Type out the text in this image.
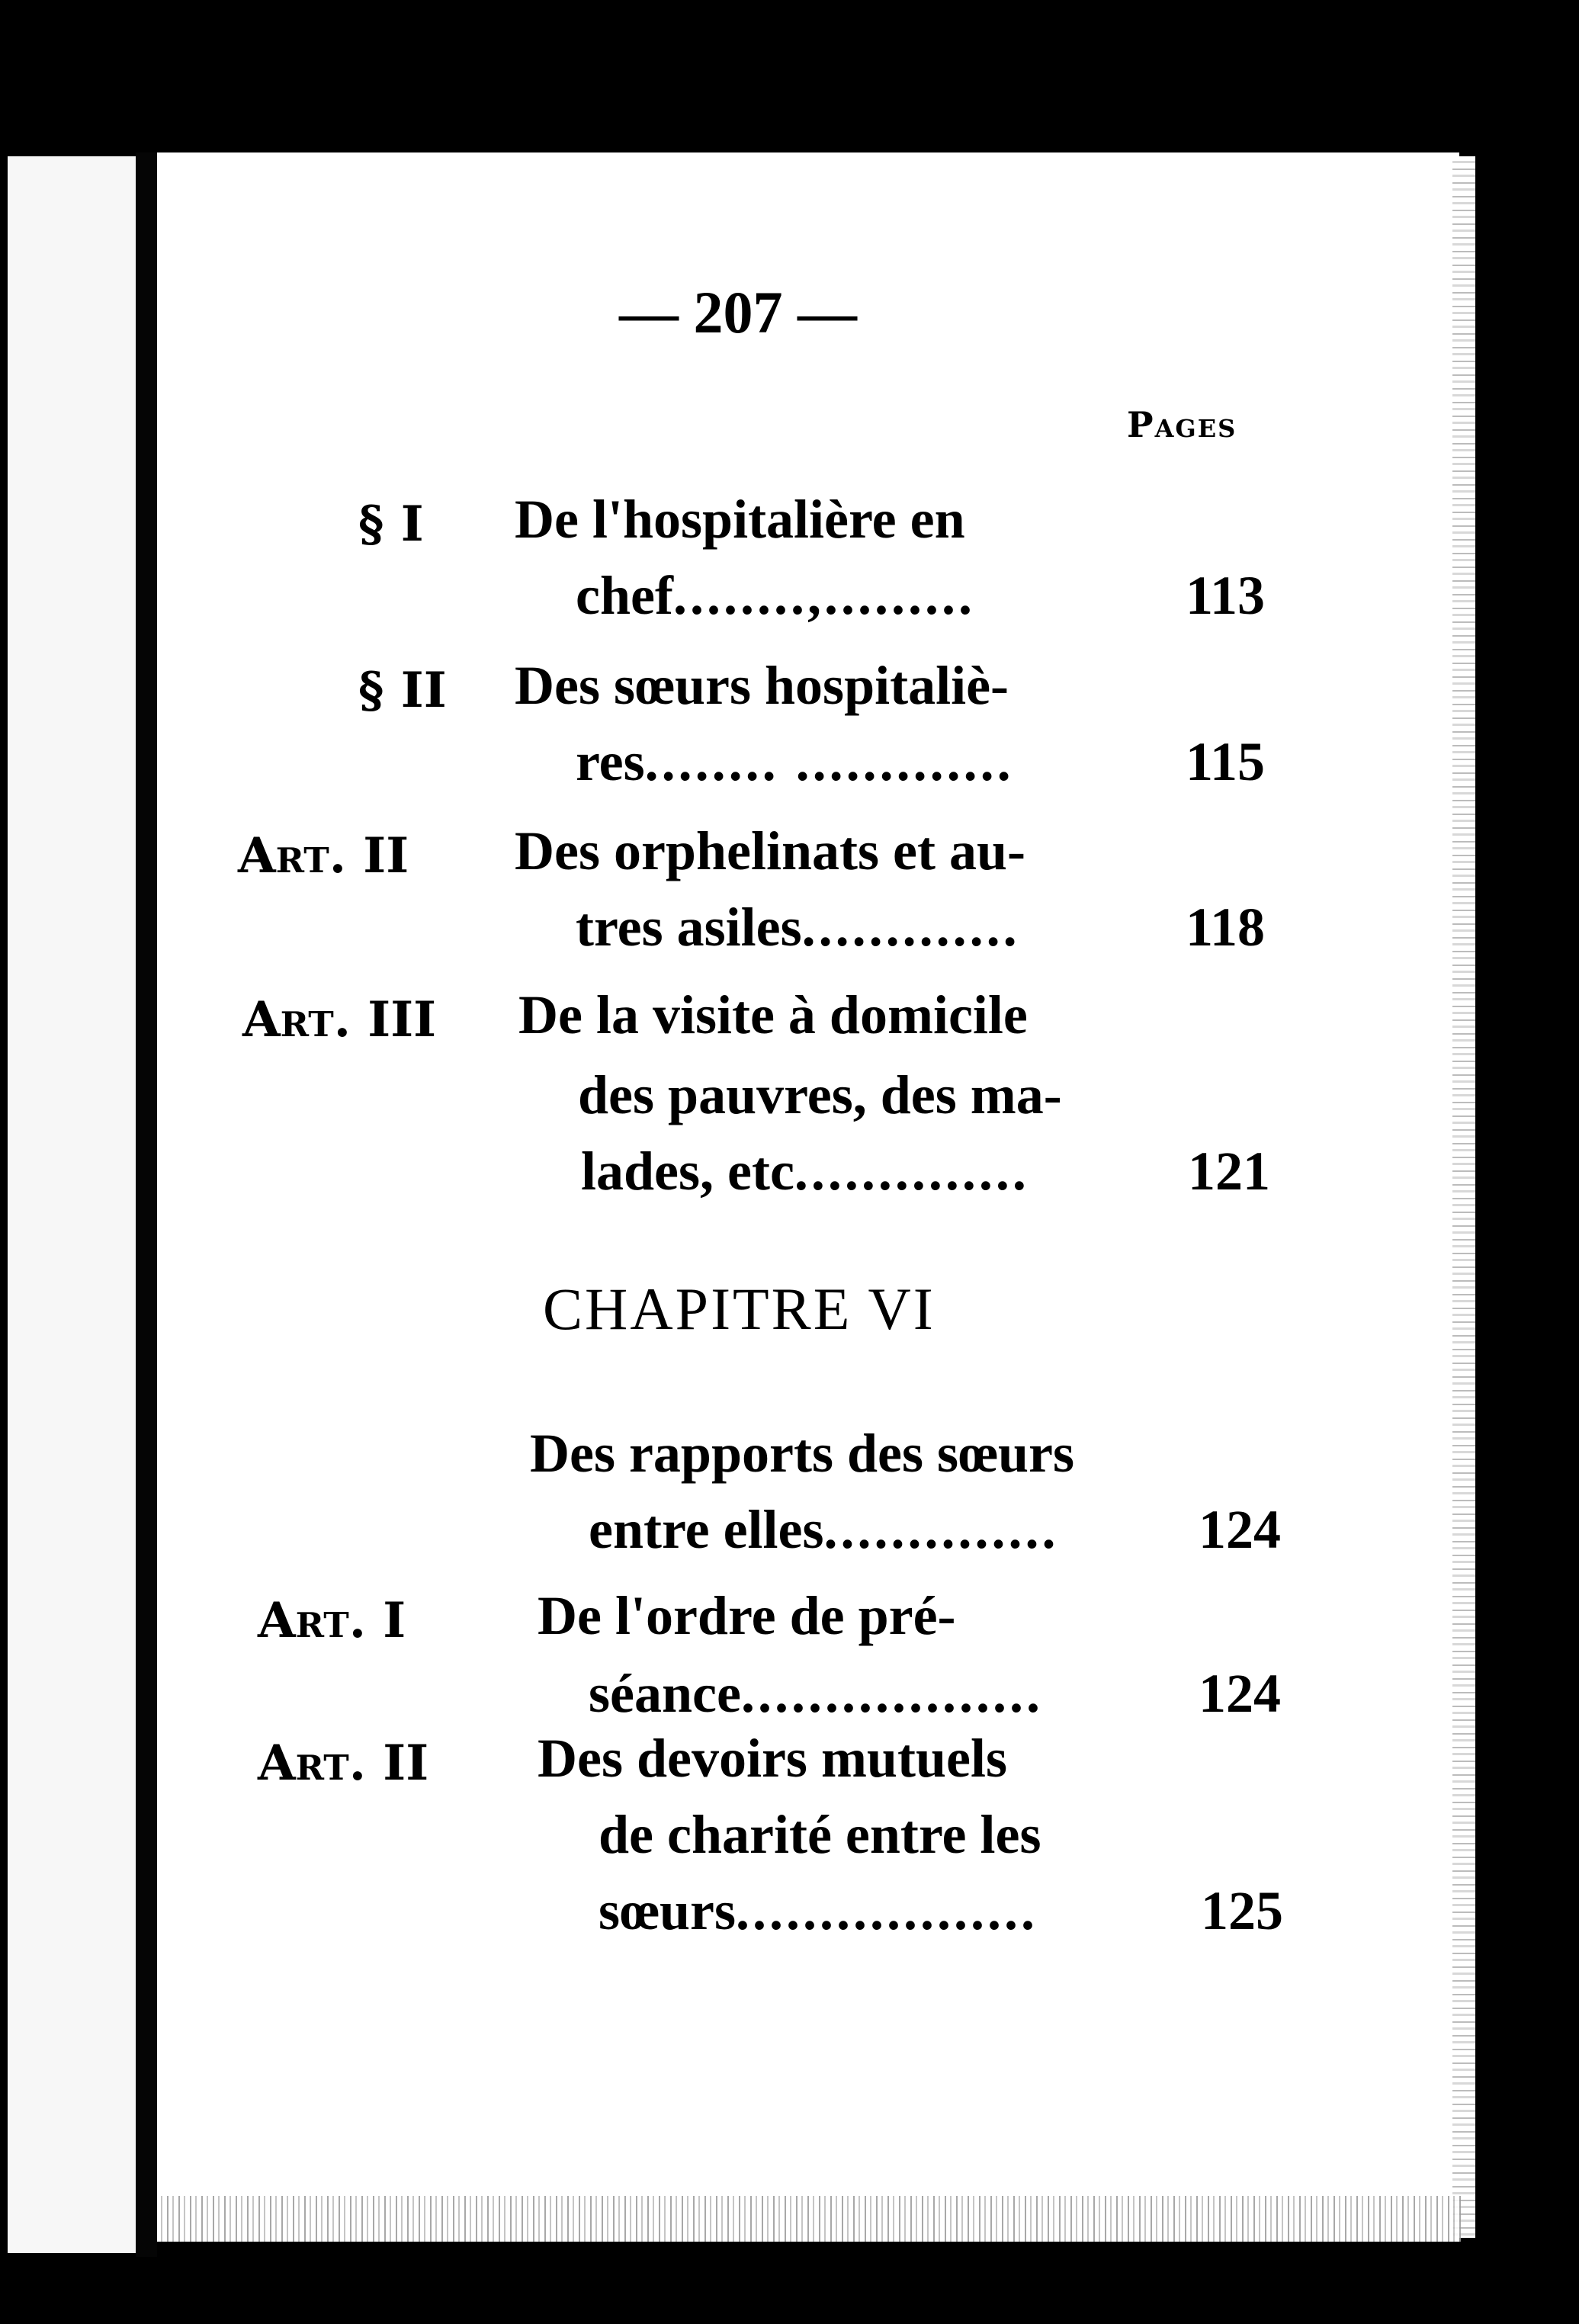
— 207 —
Pages
§ I De l'hospitalière en
chef........,.........	113
§ II Des sœurs hospitaliè-
res........ .............	115
Art. II Des orphelinats et au-
tres asiles.............	118
Art. III De la visite à domicile
des pauvres, des ma-
lades, etc..............	121
CHAPITRE VI
Des rapports des sœurs
entre elles..............	124
Art. I De l'ordre de pré-
séance..................	124
Art. II Des devoirs mutuels
de charité entre les
sœurs..................	125
